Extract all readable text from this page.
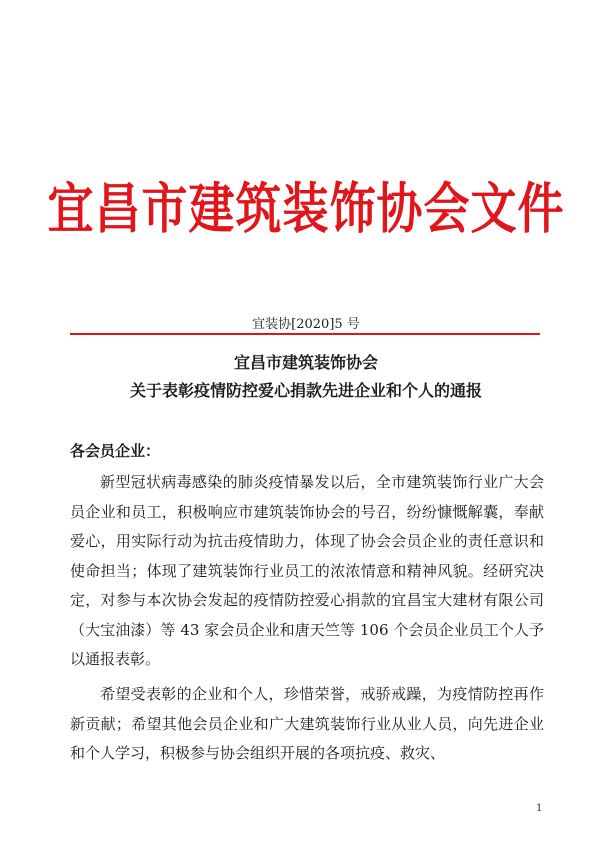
宜昌市建筑装饰协会文件
宜装协[2020]5 号
宜昌市建筑装饰协会
关于表彰疫情防控爱心捐款先进企业和个人的通报
各会员企业：

新型冠状病毒感染的肺炎疫情暴发以后，全市建筑装饰行业广大会员企业和员工，积极响应市建筑装饰协会的号召，纷纷慷慨解囊，奉献爱心，用实际行动为抗击疫情助力，体现了协会会员企业的责任意识和使命担当；体现了建筑装饰行业员工的浓浓情意和精神风貌。经研究决定，对参与本次协会发起的疫情防控爱心捐款的宜昌宝大建材有限公司（大宝油漆）等 43 家会员企业和唐天竺等 106 个会员企业员工个人予以通报表彰。

希望受表彰的企业和个人，珍惜荣誉，戒骄戒躁，为疫情防控再作新贡献；希望其他会员企业和广大建筑装饰行业从业人员，向先进企业和个人学习，积极参与协会组织开展的各项抗疫、救灾、

1
